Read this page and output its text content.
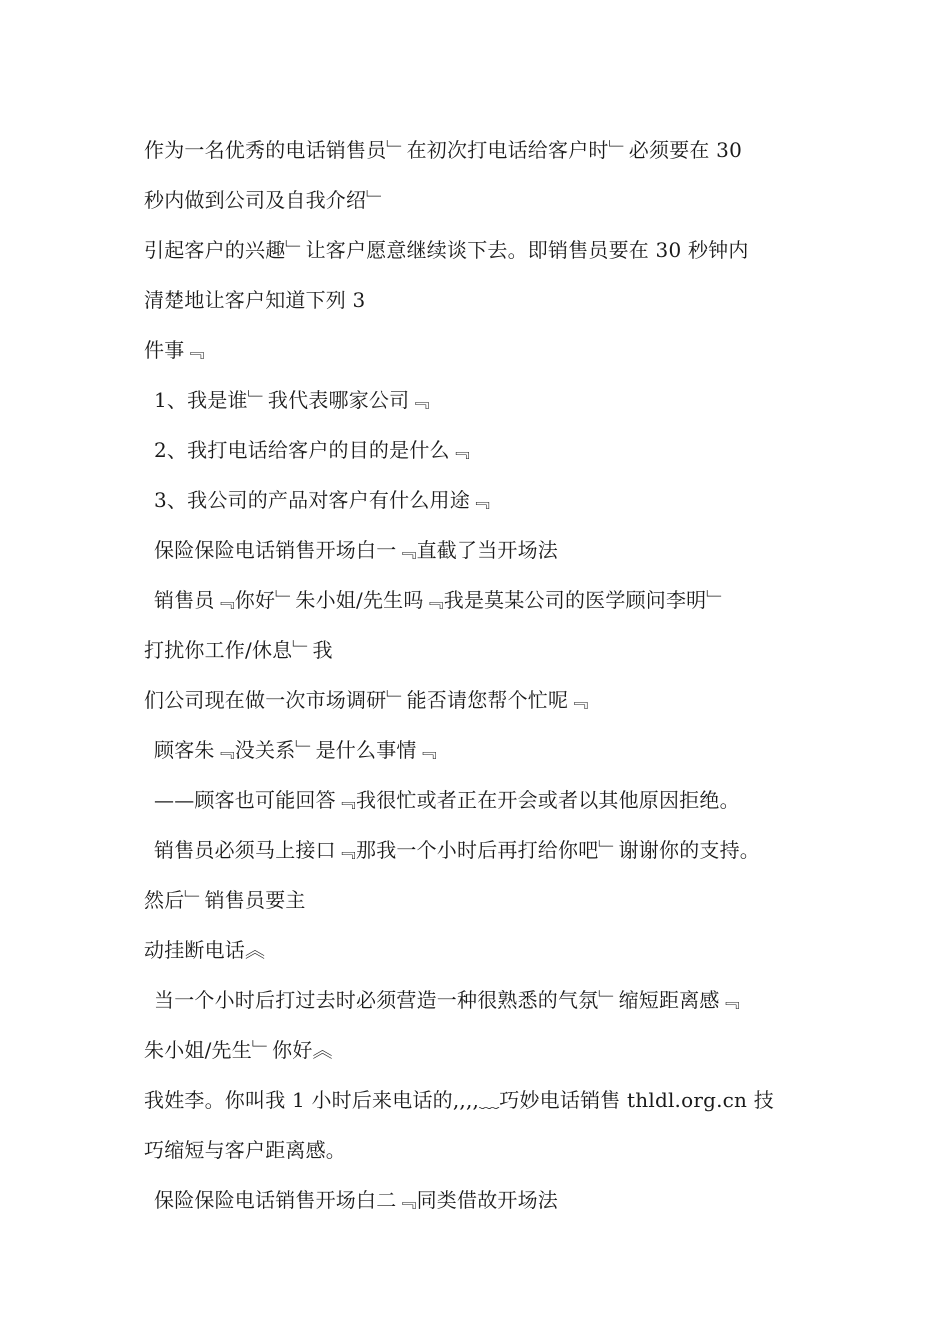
作为一名优秀的电话销售员﹂在初次打电话给客户时﹂必须要在 30
秒内做到公司及自我介绍﹂
引起客户的兴趣﹂让客户愿意继续谈下去。即销售员要在 30 秒钟内
清楚地让客户知道下列 3
件事﹃
1、我是谁﹂我代表哪家公司﹃
2、我打电话给客户的目的是什么﹃
3、我公司的产品对客户有什么用途﹃
保险保险电话销售开场白一﹃直截了当开场法
销售员﹃你好﹂朱小姐/先生吗﹃我是莫某公司的医学顾问李明﹂
打扰你工作/休息﹂我
们公司现在做一次市场调研﹂能否请您帮个忙呢﹃
顾客朱﹃没关系﹂是什么事情﹃
——顾客也可能回答﹃我很忙或者正在开会或者以其他原因拒绝。
销售员必须马上接口﹃那我一个小时后再打给你吧﹂谢谢你的支持。
然后﹂销售员要主
动挂断电话︽
当一个小时后打过去时必须营造一种很熟悉的气氛﹂缩短距离感﹃
朱小姐/先生﹂你好︽
我姓李。你叫我 1 小时后来电话的,,,,﹏巧妙电话销售 thldl.org.cn 技
巧缩短与客户距离感。
保险保险电话销售开场白二﹃同类借故开场法
